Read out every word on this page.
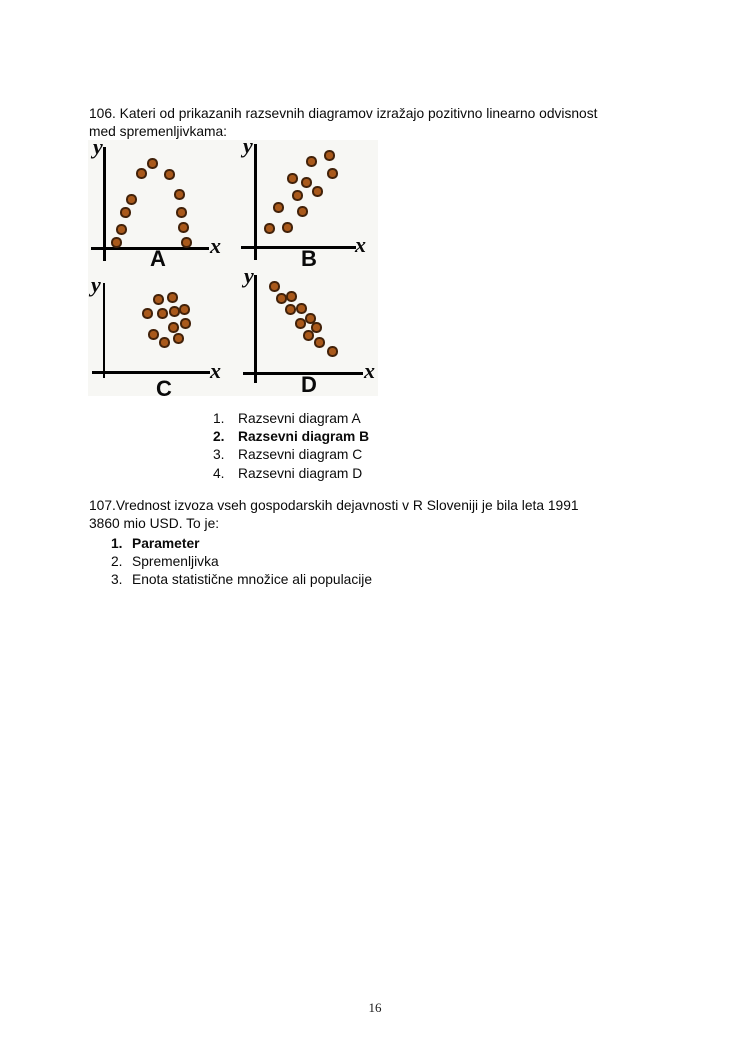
106. Kateri od prikazanih razsevnih diagramov izražajo pozitivno linearno odvisnost
med spremenljivkama:
y
x
A
y
x
B
y
x
C
y
x
D
1. Razsevni diagram A
2. Razsevni diagram B
3. Razsevni diagram C
4. Razsevni diagram D
107.Vrednost izvoza vseh gospodarskih dejavnosti v R Sloveniji je bila leta 1991
3860 mio USD. To je:
1. Parameter
2. Spremenljivka
3. Enota statistične množice ali populacije
16
